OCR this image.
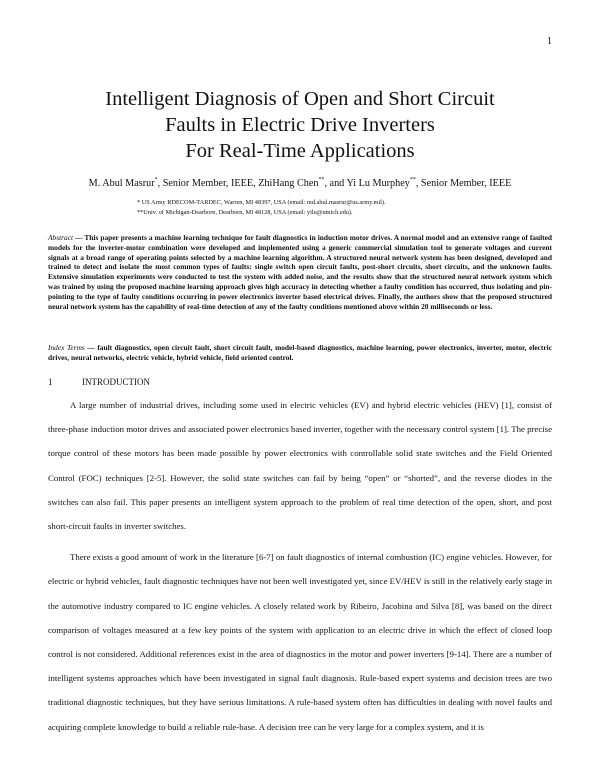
1
Intelligent Diagnosis of Open and Short Circuit
Faults in Electric Drive Inverters
For Real-Time Applications
M. Abul Masrur*, Senior Member, IEEE, ZhiHang Chen**, and Yi Lu Murphey**, Senior Member, IEEE
* US Army RDECOM-TARDEC, Warren, MI 48397, USA (email: md.abul.masrur@us.army.mil).
**Univ. of Michigan-Dearborn, Dearborn, MI 48128, USA (email: yilu@umich.edu).
Abstract — This paper presents a machine learning technique for fault diagnostics in induction motor drives. A normal model and an extensive range of faulted models for the inverter-motor combination were developed and implemented using a generic commercial simulation tool to generate voltages and current signals at a broad range of operating points selected by a machine learning algorithm. A structured neural network system has been designed, developed and trained to detect and isolate the most common types of faults: single switch open circuit faults, post-short circuits, short circuits, and the unknown faults. Extensive simulation experiments were conducted to test the system with added noise, and the results show that the structured neural network system which was trained by using the proposed machine learning approach gives high accuracy in detecting whether a faulty condition has occurred, thus isolating and pin-pointing to the type of faulty conditions occurring in power electronics inverter based electrical drives. Finally, the authors show that the proposed structured neural network system has the capability of real-time detection of any of the faulty conditions mentioned above within 20 milliseconds or less.
Index Terms — fault diagnostics, open circuit fault, short circuit fault, model-based diagnostics, machine learning, power electronics, inverter, motor, electric drives, neural networks, electric vehicle, hybrid vehicle, field oriented control.
1	INTRODUCTION

A large number of industrial drives, including some used in electric vehicles (EV) and hybrid electric vehicles (HEV) [1], consist of three-phase induction motor drives and associated power electronics based inverter, together with the necessary control system [1]. The precise torque control of these motors has been made possible by power electronics with controllable solid state switches and the Field Oriented Control (FOC) techniques [2-5]. However, the solid state switches can fail by being “open” or “shorted”, and the reverse diodes in the switches can also fail. This paper presents an intelligent system approach to the problem of real time detection of the open, short, and post short-circuit faults in inverter switches.

There exists a good amount of work in the literature [6-7] on fault diagnostics of internal combustion (IC) engine vehicles. However, for electric or hybrid vehicles, fault diagnostic techniques have not been well investigated yet, since EV/HEV is still in the relatively early stage in the automotive industry compared to IC engine vehicles. A closely related work by Ribeiro, Jacobina and Silva [8], was based on the direct comparison of voltages measured at a few key points of the system with application to an electric drive in which the effect of closed loop control is not considered. Additional references exist in the area of diagnostics in the motor and power inverters [9-14]. There are a number of intelligent systems approaches which have been investigated in signal fault diagnosis. Rule-based expert systems and decision trees are two traditional diagnostic techniques, but they have serious limitations. A rule-based system often has difficulties in dealing with novel faults and acquiring complete knowledge to build a reliable rule-base. A decision tree can be very large for a complex system, and it is
